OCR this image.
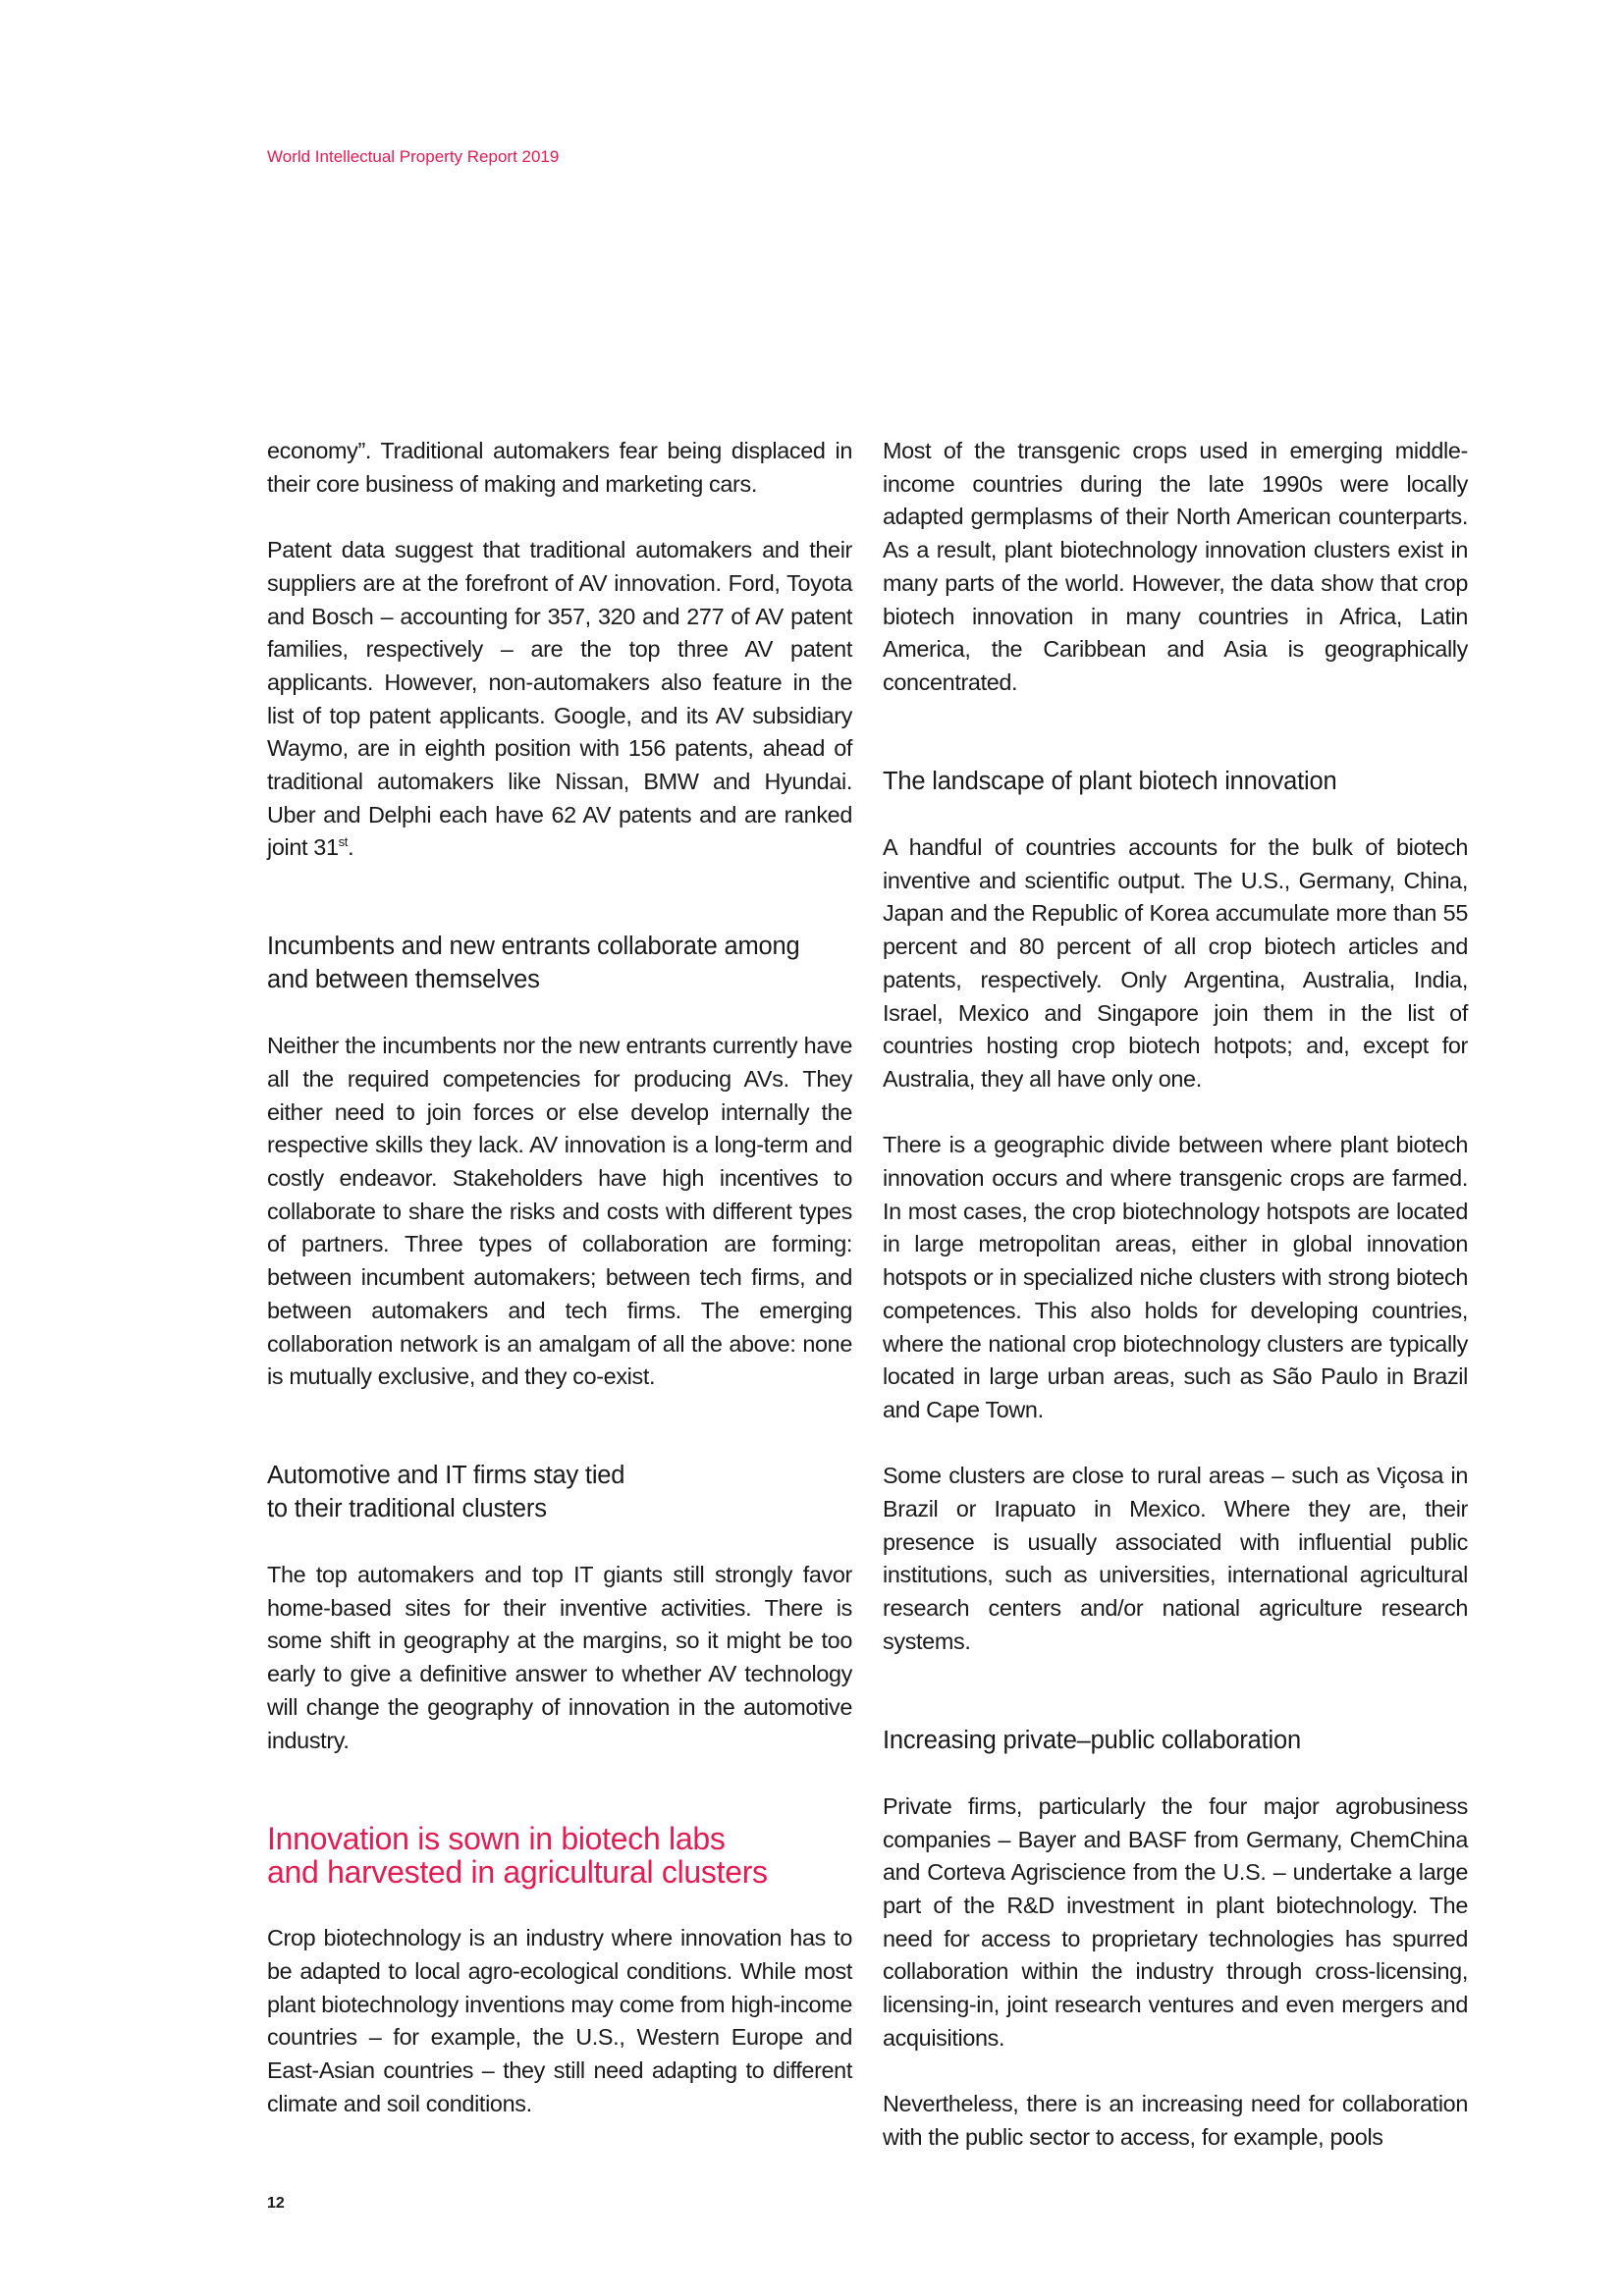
World Intellectual Property Report 2019

economy”. Traditional automakers fear being displaced in their core business of making and marketing cars.

Patent data suggest that traditional automakers and their suppliers are at the forefront of AV innovation. Ford, Toyota and Bosch – accounting for 357, 320 and 277 of AV patent families, respectively – are the top three AV patent applicants. However, non-automakers also feature in the list of top patent applicants. Google, and its AV subsidiary Waymo, are in eighth position with 156 patents, ahead of traditional automakers like Nissan, BMW and Hyundai. Uber and Delphi each have 62 AV patents and are ranked joint 31st.

Incumbents and new entrants collaborate among and between themselves

Neither the incumbents nor the new entrants currently have all the required competencies for producing AVs. They either need to join forces or else develop internally the respective skills they lack. AV innovation is a long-term and costly endeavor. Stakeholders have high incentives to collaborate to share the risks and costs with different types of partners. Three types of collaboration are forming: between incumbent automakers; between tech firms, and between automakers and tech firms. The emerging collaboration network is an amalgam of all the above: none is mutually exclusive, and they co-exist.

Automotive and IT firms stay tied
to their traditional clusters

The top automakers and top IT giants still strongly favor home-based sites for their inventive activities. There is some shift in geography at the margins, so it might be too early to give a definitive answer to whether AV technology will change the geography of innovation in the automotive industry.

Innovation is sown in biotech labs
and harvested in agricultural clusters

Crop biotechnology is an industry where innovation has to be adapted to local agro-ecological conditions. While most plant biotechnology inventions may come from high-income countries – for example, the U.S., Western Europe and East-Asian countries – they still need adapting to different climate and soil conditions.

Most of the transgenic crops used in emerging middle-income countries during the late 1990s were locally adapted germplasms of their North American counterparts. As a result, plant biotechnology innovation clusters exist in many parts of the world. However, the data show that crop biotech innovation in many countries in Africa, Latin America, the Caribbean and Asia is geographically concentrated.

The landscape of plant biotech innovation

A handful of countries accounts for the bulk of biotech inventive and scientific output. The U.S., Germany, China, Japan and the Republic of Korea accumulate more than 55 percent and 80 percent of all crop biotech articles and patents, respectively. Only Argentina, Australia, India, Israel, Mexico and Singapore join them in the list of countries hosting crop biotech hotpots; and, except for Australia, they all have only one.

There is a geographic divide between where plant biotech innovation occurs and where transgenic crops are farmed. In most cases, the crop biotechnology hotspots are located in large metropolitan areas, either in global innovation hotspots or in specialized niche clusters with strong biotech competences. This also holds for developing countries, where the national crop biotechnology clusters are typically located in large urban areas, such as São Paulo in Brazil and Cape Town.

Some clusters are close to rural areas – such as Viçosa in Brazil or Irapuato in Mexico. Where they are, their presence is usually associated with influential public institutions, such as universities, international agricultural research centers and/or national agriculture research systems.

Increasing private–public collaboration

Private firms, particularly the four major agrobusiness companies – Bayer and BASF from Germany, ChemChina and Corteva Agriscience from the U.S. – undertake a large part of the R&D investment in plant biotechnology. The need for access to proprietary technologies has spurred collaboration within the industry through cross-licensing, licensing-in, joint research ventures and even mergers and acquisitions.

Nevertheless, there is an increasing need for collaboration with the public sector to access, for example, pools

12
